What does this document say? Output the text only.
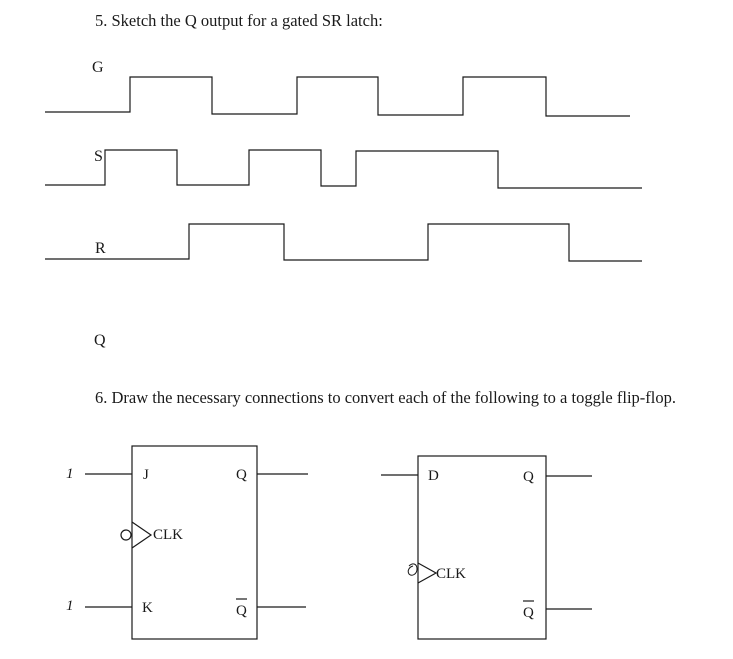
5. Sketch the Q output for a gated SR latch:
6. Draw the necessary connections to convert each of the following to a toggle flip-flop.
G
S
R
Q
J	Q
CLK
K	Q
1
1
D	Q
CLK
Q
